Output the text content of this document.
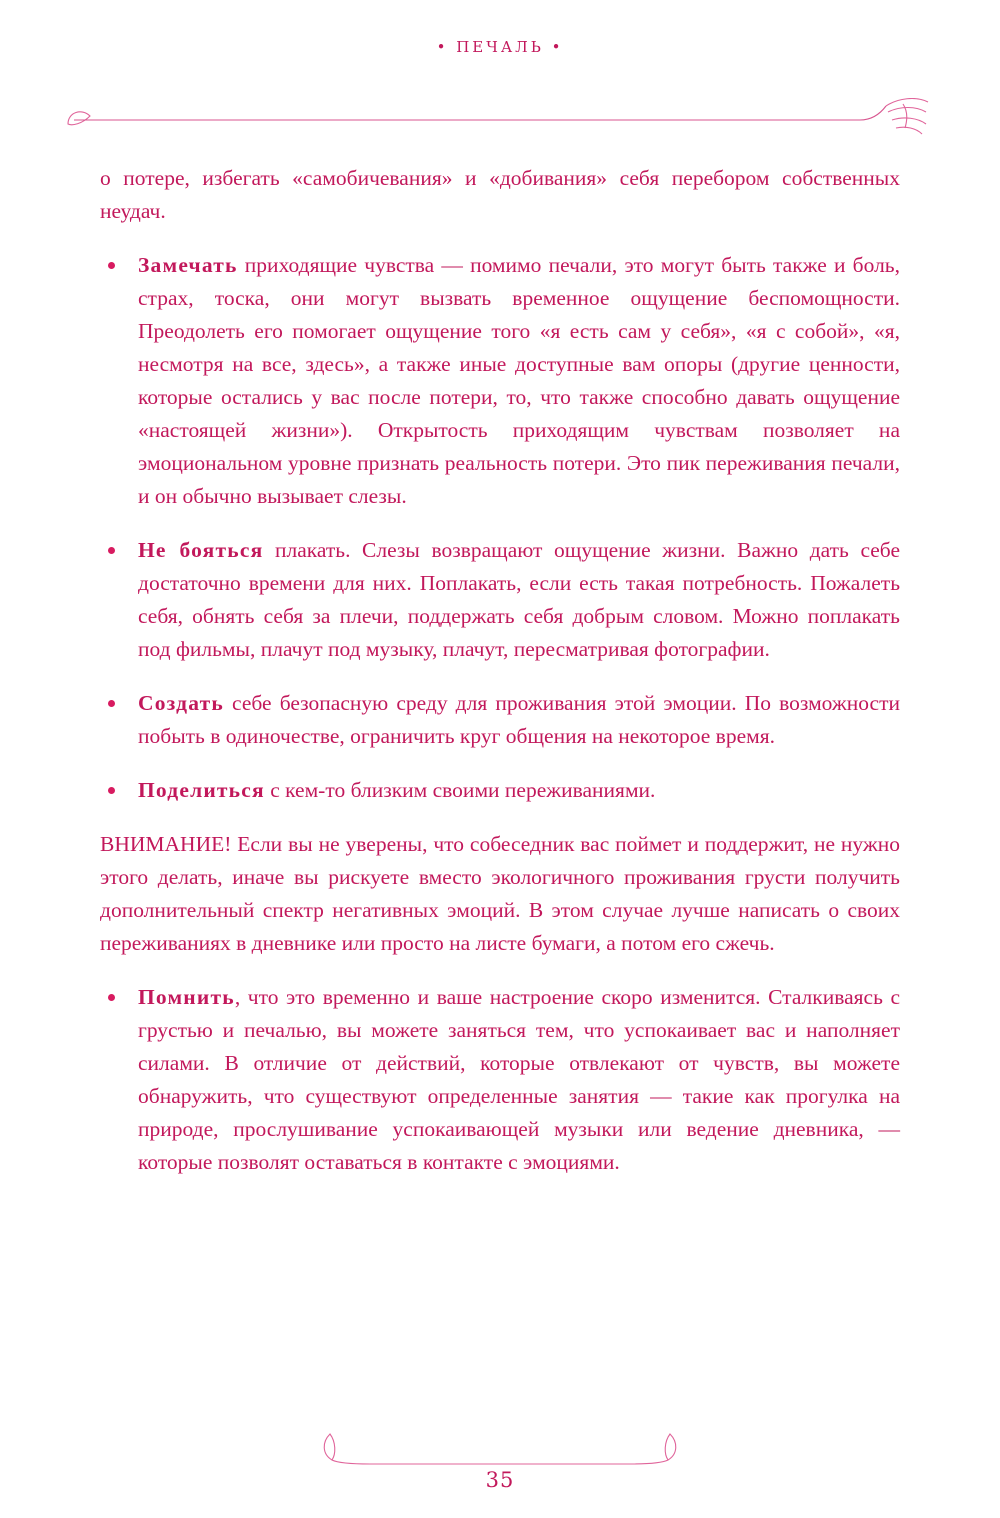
• ПЕЧАЛЬ •

о потере, избегать «самобичевания» и «добивания» себя перебором собственных неудач.

Замечать приходящие чувства — помимо печали, это могут быть также и боль, страх, тоска, они могут вызвать временное ощущение беспомощности. Преодолеть его помогает ощущение того «я есть сам у себя», «я с собой», «я, несмотря на все, здесь», а также иные доступные вам опоры (другие ценности, которые остались у вас после потери, то, что также способно давать ощущение «настоящей жизни»). Открытость приходящим чувствам позволяет на эмоциональном уровне признать реальность потери. Это пик переживания печали, и он обычно вызывает слезы.
Не бояться плакать. Слезы возвращают ощущение жизни. Важно дать себе достаточно времени для них. Поплакать, если есть такая потребность. Пожалеть себя, обнять себя за плечи, поддержать себя добрым словом. Можно поплакать под фильмы, плачут под музыку, плачут, пересматривая фотографии.
Создать себе безопасную среду для проживания этой эмоции. По возможности побыть в одиночестве, ограничить круг общения на некоторое время.
Поделиться с кем-то близким своими переживаниями.

ВНИМАНИЕ! Если вы не уверены, что собеседник вас поймет и поддержит, не нужно этого делать, иначе вы рискуете вместо экологичного проживания грусти получить дополнительный спектр негативных эмоций. В этом случае лучше написать о своих переживаниях в дневнике или просто на листе бумаги, а потом его сжечь.

Помнить, что это временно и ваше настроение скоро изменится. Сталкиваясь с грустью и печалью, вы можете заняться тем, что успокаивает вас и наполняет силами. В отличие от действий, которые отвлекают от чувств, вы можете обнаружить, что существуют определенные занятия — такие как прогулка на природе, прослушивание успокаивающей музыки или ведение дневника, — которые позволят оставаться в контакте с эмоциями.
35
